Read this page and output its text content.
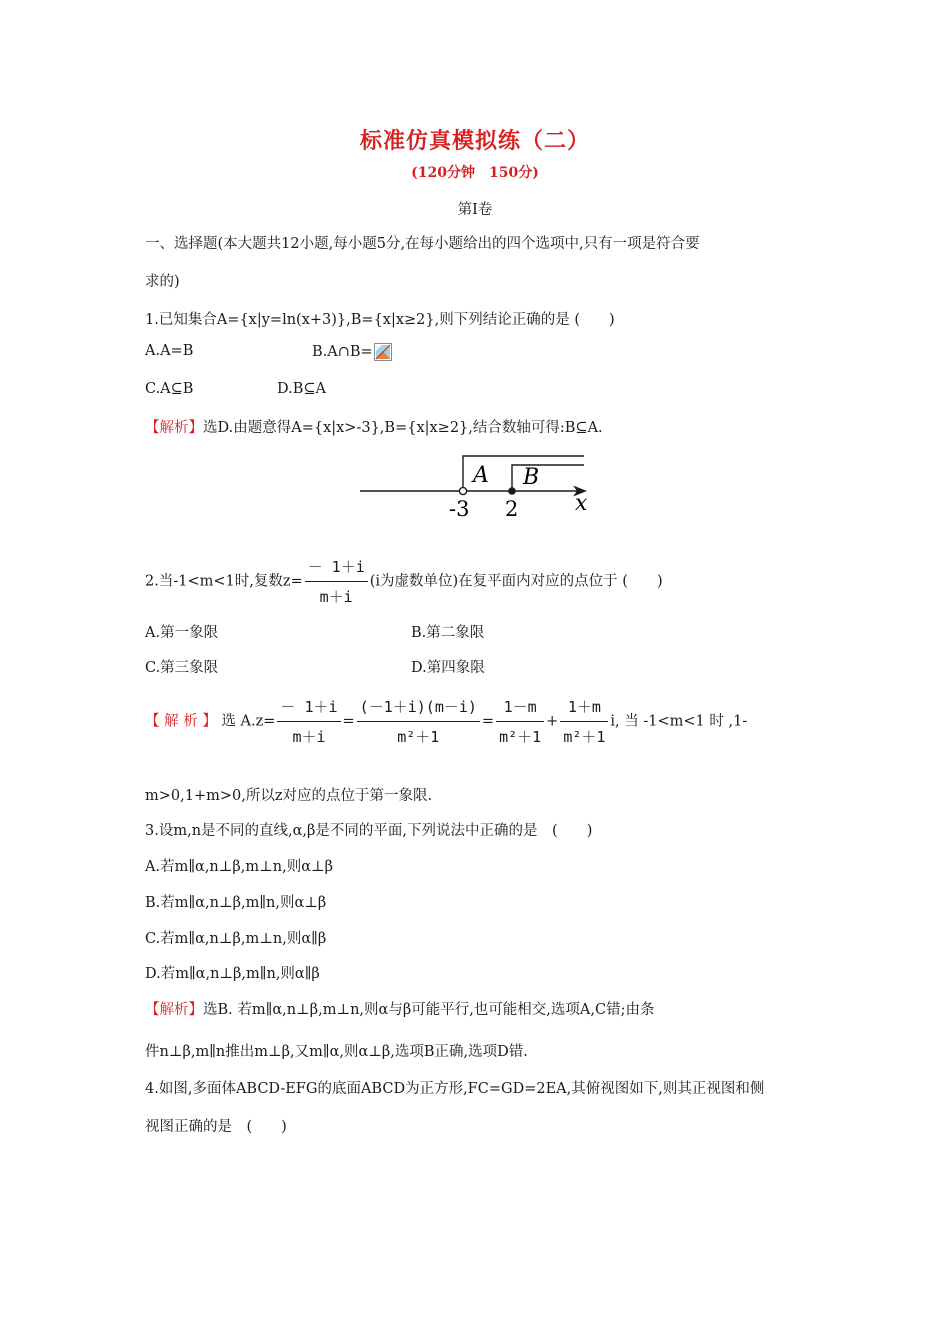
标准仿真模拟练（二）
(120分钟　150分)
第Ⅰ卷
一、选择题(本大题共12小题,每小题5分,在每小题给出的四个选项中,只有一项是符合要
求的)
1.已知集合A={x|y=ln(x+3)},B={x|x≥2},则下列结论正确的是 (　　)
A.A=B	B.A∩B=
C.A⊆B	D.B⊆A
【解析】选D.由题意得A={x|x>-3},B={x|x≥2},结合数轴可得:B⊆A.
A B
x
-3 2
2.当-1<m<1时,复数$z= \frac{- 1+i}{m+i} (i$为虚数单位)在复平面内对应的点位于 (　　)
A.第一象限	B.第二象限
C.第三象限	D.第四象限
【 解 析 】 选 $A.z= \frac{- 1+i}{m+i} = \frac{(-1+i)(m-i)}{\text{m²＋1}} = \frac{1-m}{\text{m²＋1}} + \frac{1+m}{\text{m²＋1}} i$, 当 -1<m<1 时 ,1-
m>0,1+m>0,所以z对应的点位于第一象限.
3.设m,n是不同的直线,α,β是不同的平面,下列说法中正确的是　(　　)
A.若m∥α,n⊥β,m⊥n,则α⊥β
B.若m∥α,n⊥β,m∥n,则α⊥β
C.若m∥α,n⊥β,m⊥n,则α∥β
D.若m∥α,n⊥β,m∥n,则α∥β
【解析】选B. 若m∥α,n⊥β,m⊥n,则α与β可能平行,也可能相交,选项A,C错;由条
件n⊥β,m∥n推出m⊥β,又m∥α,则α⊥β,选项B正确,选项D错.
4.如图,多面体ABCD-EFG的底面ABCD为正方形,FC=GD=2EA,其俯视图如下,则其正视图和侧
视图正确的是　(　　)
